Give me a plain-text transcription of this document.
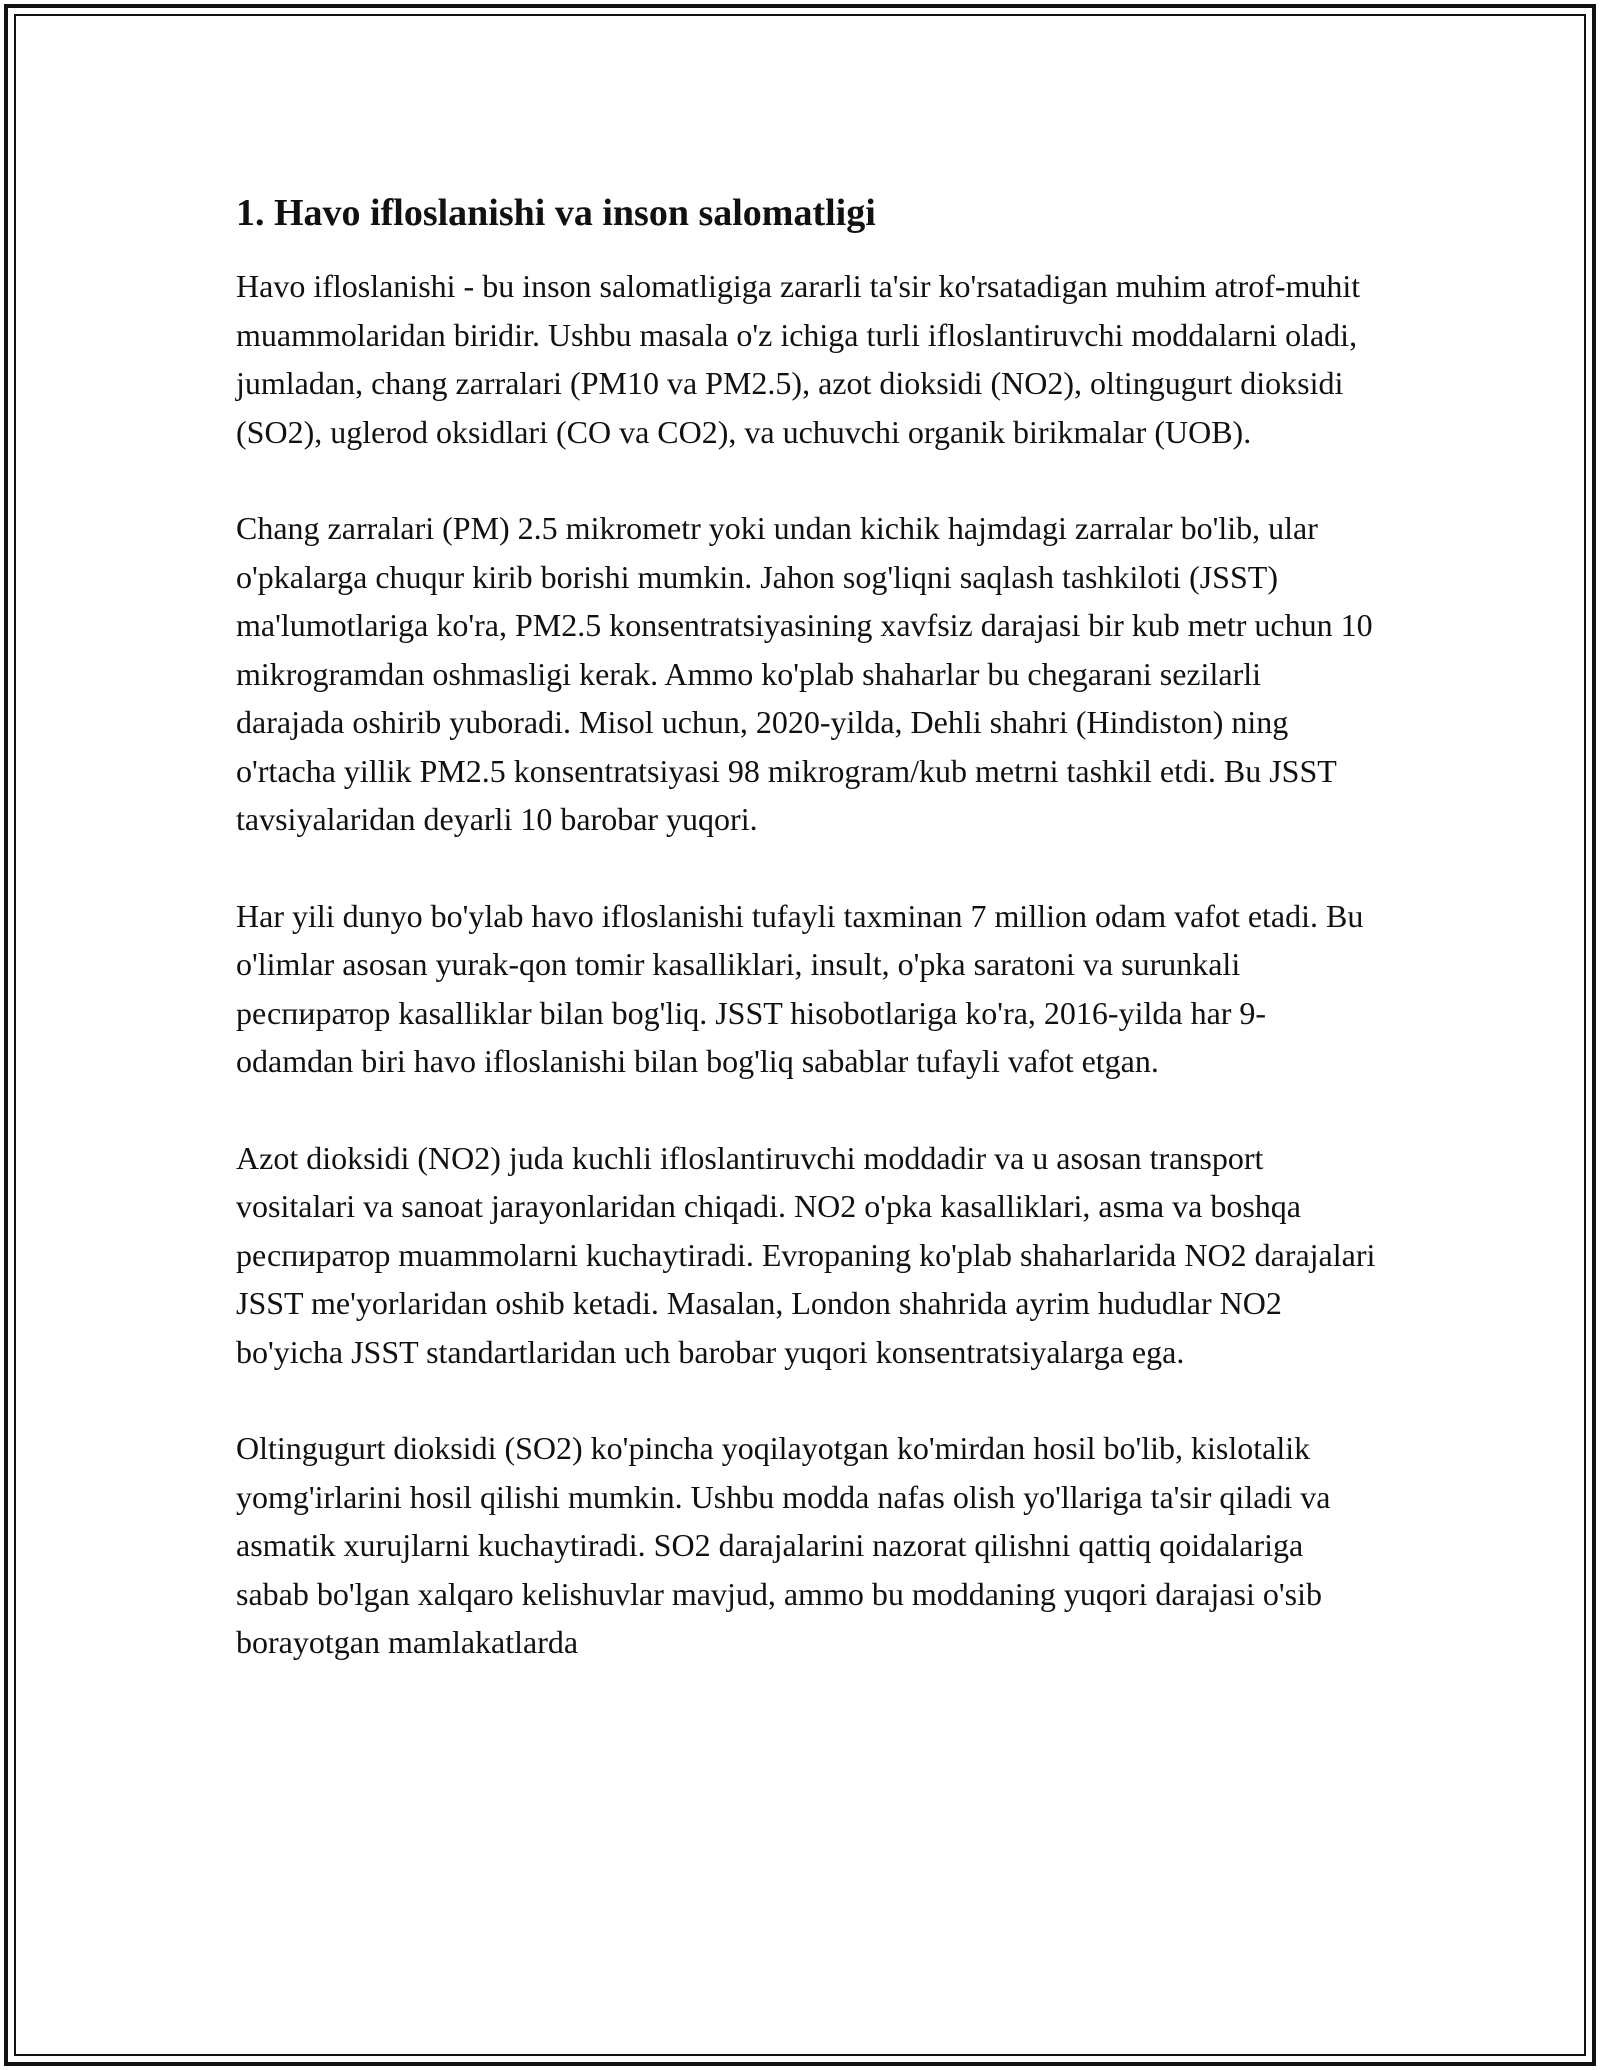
1. Havo ifloslanishi va inson salomatligi

Havo ifloslanishi - bu inson salomatligiga zararli ta'sir ko'rsatadigan muhim atrof-muhit muammolaridan biridir. Ushbu masala o'z ichiga turli ifloslantiruvchi moddalarni oladi, jumladan, chang zarralari (PM10 va PM2.5), azot dioksidi (NO2), oltingugurt dioksidi (SO2), uglerod oksidlari (CO va CO2), va uchuvchi organik birikmalar (UOB).

Chang zarralari (PM) 2.5 mikrometr yoki undan kichik hajmdagi zarralar bo'lib, ular o'pkalarga chuqur kirib borishi mumkin. Jahon sog'liqni saqlash tashkiloti (JSST) ma'lumotlariga ko'ra, PM2.5 konsentratsiyasining xavfsiz darajasi bir kub metr uchun 10 mikrogramdan oshmasligi kerak. Ammo ko'plab shaharlar bu chegarani sezilarli darajada oshirib yuboradi. Misol uchun, 2020-yilda, Dehli shahri (Hindiston) ning o'rtacha yillik PM2.5 konsentratsiyasi 98 mikrogram/kub metrni tashkil etdi. Bu JSST tavsiyalaridan deyarli 10 barobar yuqori.

Har yili dunyo bo'ylab havo ifloslanishi tufayli taxminan 7 million odam vafot etadi. Bu o'limlar asosan yurak-qon tomir kasalliklari, insult, o'pka saratoni va surunkali респиратор kasalliklar bilan bog'liq. JSST hisobotlariga ko'ra, 2016-yilda har 9-odamdan biri havo ifloslanishi bilan bog'liq sabablar tufayli vafot etgan.

Azot dioksidi (NO2) juda kuchli ifloslantiruvchi moddadir va u asosan transport vositalari va sanoat jarayonlaridan chiqadi. NO2 o'pka kasalliklari, asma va boshqa респиратор muammolarni kuchaytiradi. Evropaning ko'plab shaharlarida NO2 darajalari JSST me'yorlaridan oshib ketadi. Masalan, London shahrida ayrim hududlar NO2 bo'yicha JSST standartlaridan uch barobar yuqori konsentratsiyalarga ega.

Oltingugurt dioksidi (SO2) ko'pincha yoqilayotgan ko'mirdan hosil bo'lib, kislotalik yomg'irlarini hosil qilishi mumkin. Ushbu modda nafas olish yo'llariga ta'sir qiladi va asmatik xurujlarni kuchaytiradi. SO2 darajalarini nazorat qilishni qattiq qoidalariga sabab bo'lgan xalqaro kelishuvlar mavjud, ammo bu moddaning yuqori darajasi o'sib borayotgan mamlakatlarda
